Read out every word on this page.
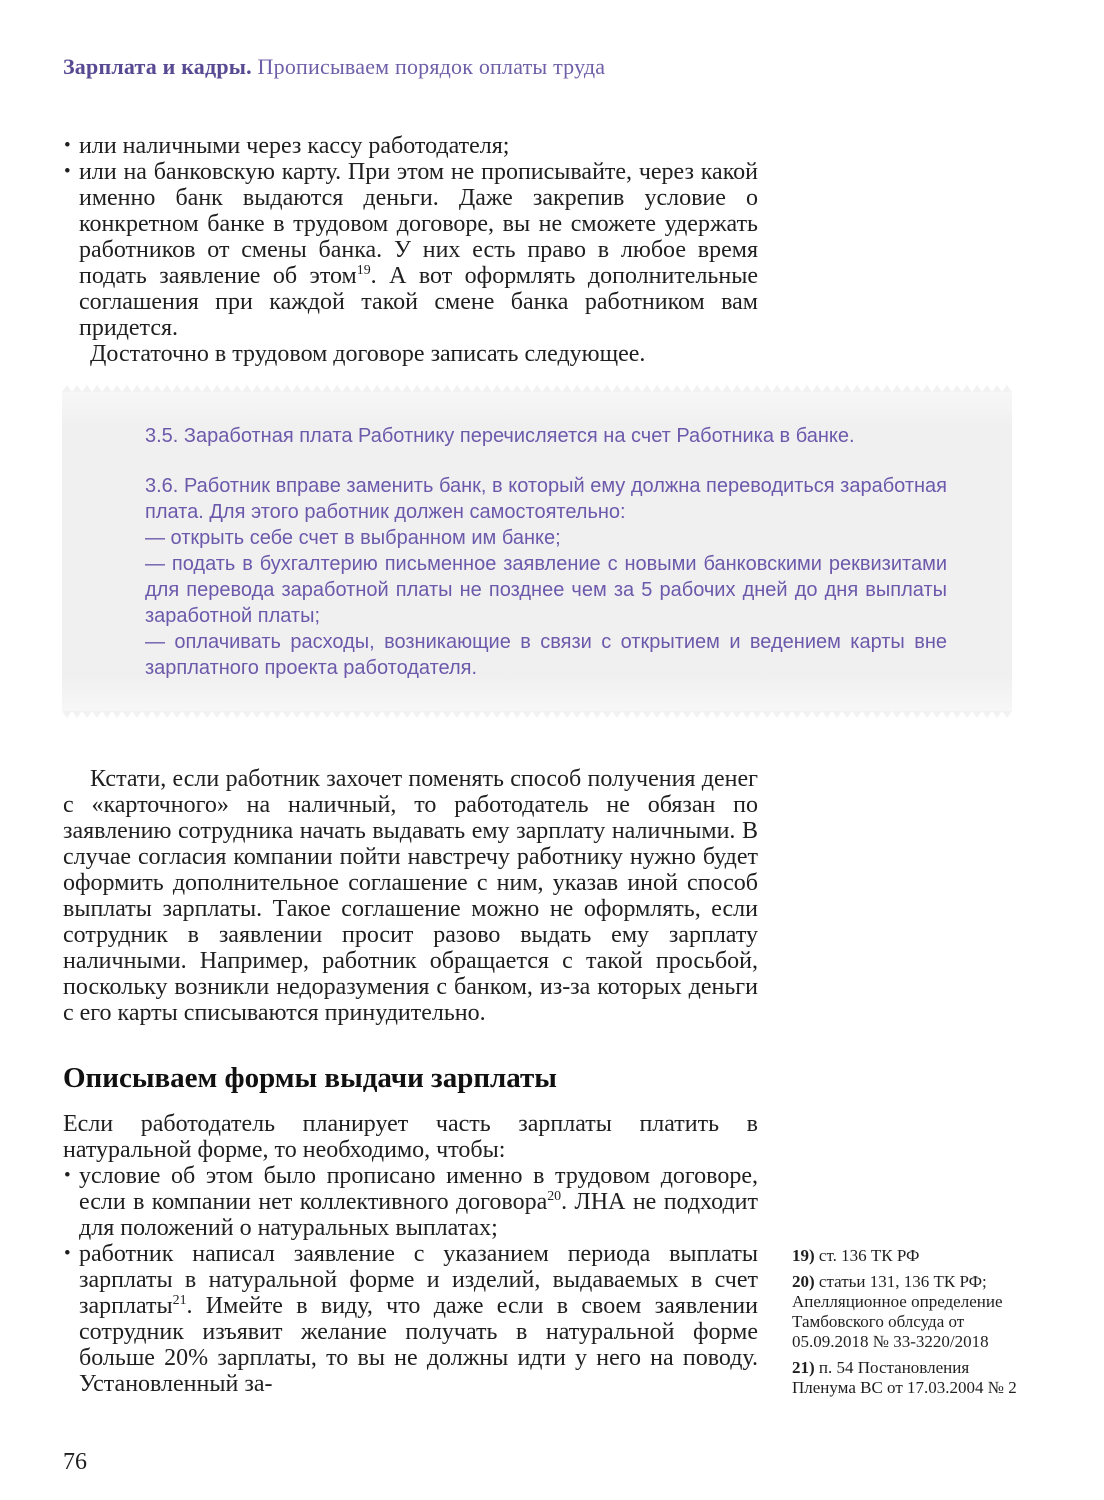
Зарплата и кадры. Прописываем порядок оплаты труда
• или наличными через кассу работодателя;
• или на банковскую карту. При этом не прописывайте, через какой именно банк выдаются деньги. Даже закрепив условие о конкретном банке в трудовом договоре, вы не сможете удержать работников от смены банка. У них есть право в любое время подать заявление об этом$^{19}$. А вот оформлять дополнительные соглашения при каждой такой смене банка работником вам придется.

Достаточно в трудовом договоре записать следующее.

3.5. Заработная плата Работнику перечисляется на счет Работника в банке.

3.6. Работник вправе заменить банк, в который ему должна переводиться заработная плата. Для этого работник должен самостоятельно:

— открыть себе счет в выбранном им банке;

— подать в бухгалтерию письменное заявление с новыми банковскими реквизитами для перевода заработной платы не позднее чем за 5 рабочих дней до дня выплаты заработной платы;

— оплачивать расходы, возникающие в связи с открытием и ведением карты вне зарплатного проекта работодателя.

Кстати, если работник захочет поменять способ получения денег с «карточного» на наличный, то работодатель не обязан по заявлению сотрудника начать выдавать ему зарплату наличными. В случае согласия компании пойти навстречу работнику нужно будет оформить дополнительное соглашение с ним, указав иной способ выплаты зарплаты. Такое соглашение можно не оформлять, если сотрудник в заявлении просит разово выдать ему зарплату наличными. Например, работник обращается с такой просьбой, поскольку возникли недоразумения с банком, из-за которых деньги с его карты списываются принудительно.

Описываем формы выдачи зарплаты

Если работодатель планирует часть зарплаты платить в натуральной форме, то необходимо, чтобы:

• условие об этом было прописано именно в трудовом договоре, если в компании нет коллективного договора$^{20}$. ЛНА не подходит для положений о натуральных выплатах;
• работник написал заявление с указанием периода выплаты зарплаты в натуральной форме и изделий, выдаваемых в счет зарплаты$^{21}$. Имейте в виду, что даже если в своем заявлении сотрудник изъявит желание получать в натуральной форме больше 20% зарплаты, то вы не должны идти у него на поводу. Установленный за-

19) ст. 136 ТК РФ

20) статьи 131, 136 ТК РФ; Апелляционное определение Тамбовского облсуда от 05.09.2018 № 33-3220/2018

21) п. 54 Постановления Пленума ВС от 17.03.2004 № 2

76
